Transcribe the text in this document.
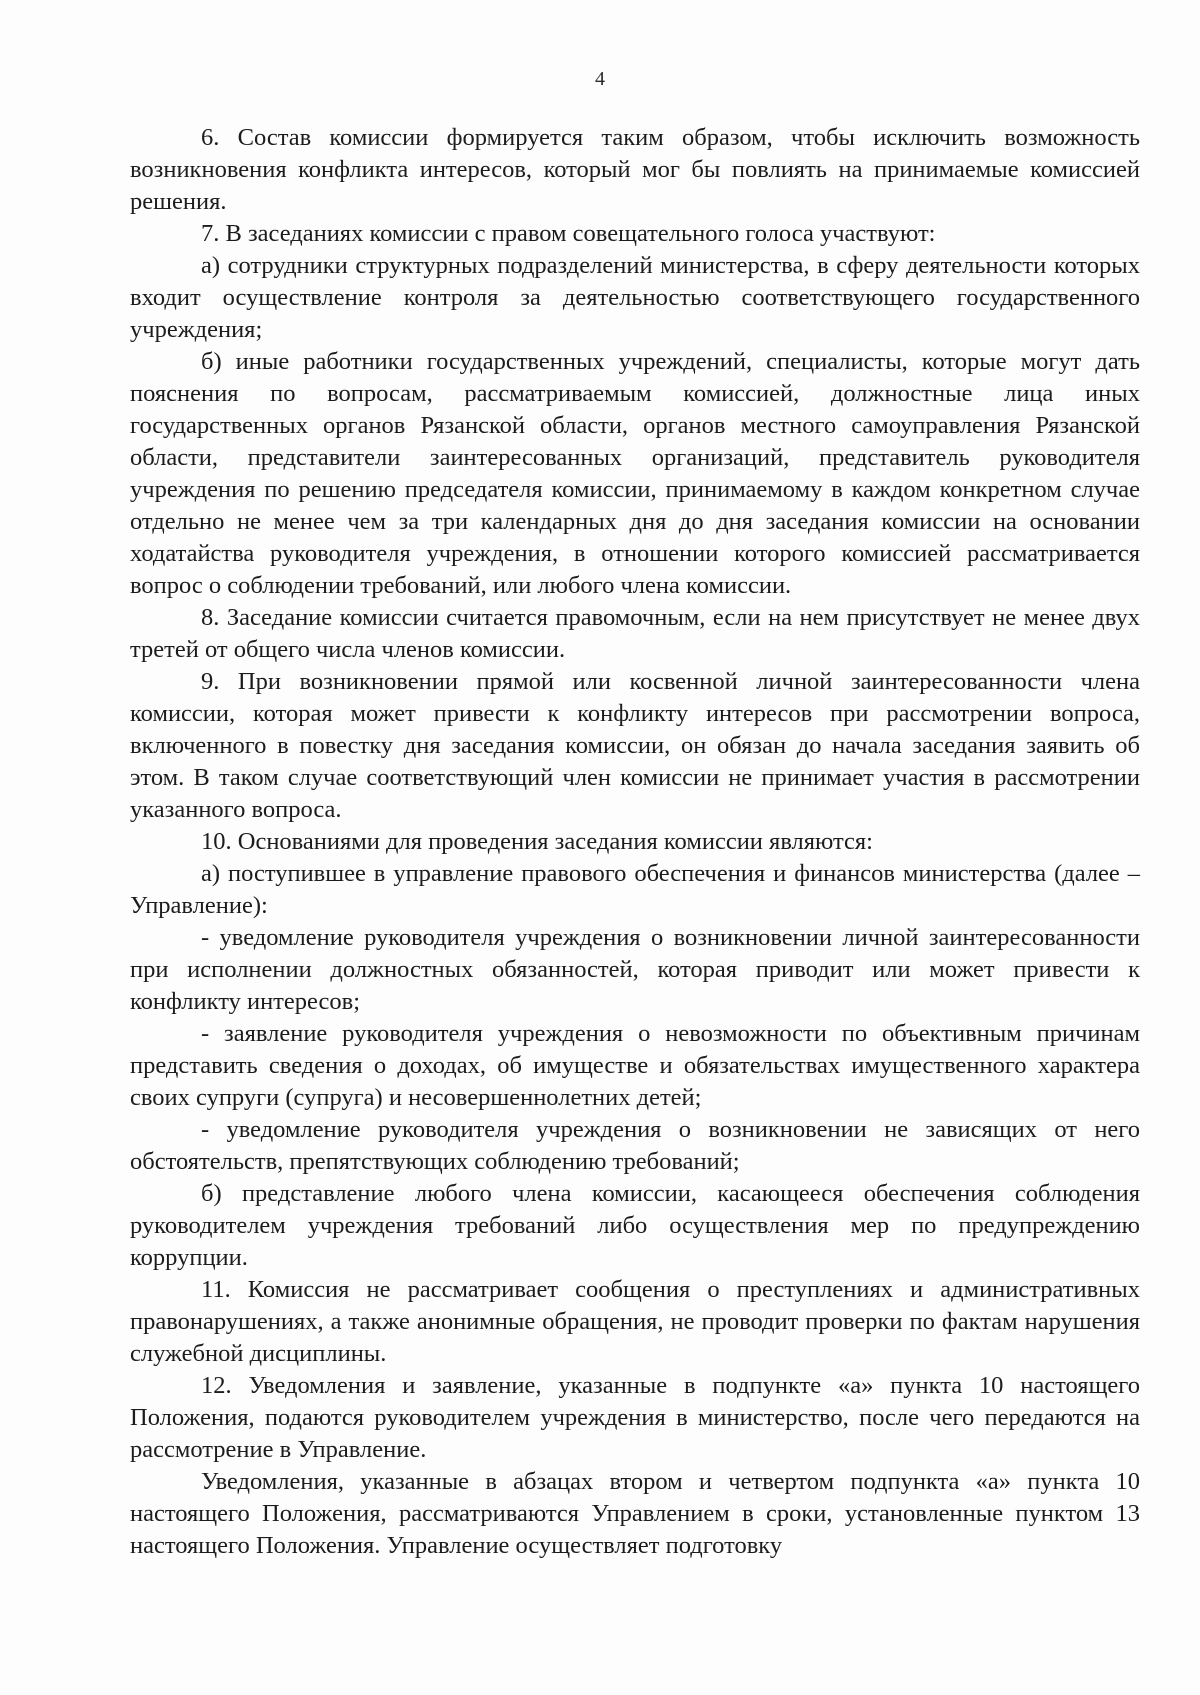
4

6. Состав комиссии формируется таким образом, чтобы исключить возможность возникновения конфликта интересов, который мог бы повлиять на принимаемые комиссией решения.

7. В заседаниях комиссии с правом совещательного голоса участвуют:

а) сотрудники структурных подразделений министерства, в сферу деятельности которых входит осуществление контроля за деятельностью соответствующего государственного учреждения;

б) иные работники государственных учреждений, специалисты, которые могут дать пояснения по вопросам, рассматриваемым комиссией, должностные лица иных государственных органов Рязанской области, органов местного самоуправления Рязанской области, представители заинтересованных организаций, представитель руководителя учреждения по решению председателя комиссии, принимаемому в каждом конкретном случае отдельно не менее чем за три календарных дня до дня заседания комиссии на основании ходатайства руководителя учреждения, в отношении которого комиссией рассматривается вопрос о соблюдении требований, или любого члена комиссии.

8. Заседание комиссии считается правомочным, если на нем присутствует не менее двух третей от общего числа членов комиссии.

9. При возникновении прямой или косвенной личной заинтересованности члена комиссии, которая может привести к конфликту интересов при рассмотрении вопроса, включенного в повестку дня заседания комиссии, он обязан до начала заседания заявить об этом. В таком случае соответствующий член комиссии не принимает участия в рассмотрении указанного вопроса.

10. Основаниями для проведения заседания комиссии являются:

а) поступившее в управление правового обеспечения и финансов министерства (далее – Управление):

- уведомление руководителя учреждения о возникновении личной заинтересованности при исполнении должностных обязанностей, которая приводит или может привести к конфликту интересов;

- заявление руководителя учреждения о невозможности по объективным причинам представить сведения о доходах, об имуществе и обязательствах имущественного характера своих супруги (супруга) и несовершеннолетних детей;

- уведомление руководителя учреждения о возникновении не зависящих от него обстоятельств, препятствующих соблюдению требований;

б) представление любого члена комиссии, касающееся обеспечения соблюдения руководителем учреждения требований либо осуществления мер по предупреждению коррупции.

11. Комиссия не рассматривает сообщения о преступлениях и административных правонарушениях, а также анонимные обращения, не проводит проверки по фактам нарушения служебной дисциплины.

12. Уведомления и заявление, указанные в подпункте «а» пункта 10 настоящего Положения, подаются руководителем учреждения в министерство, после чего передаются на рассмотрение в Управление.

Уведомления, указанные в абзацах втором и четвертом подпункта «а» пункта 10 настоящего Положения, рассматриваются Управлением в сроки, установленные пунктом 13 настоящего Положения. Управление осуществляет подготовку
